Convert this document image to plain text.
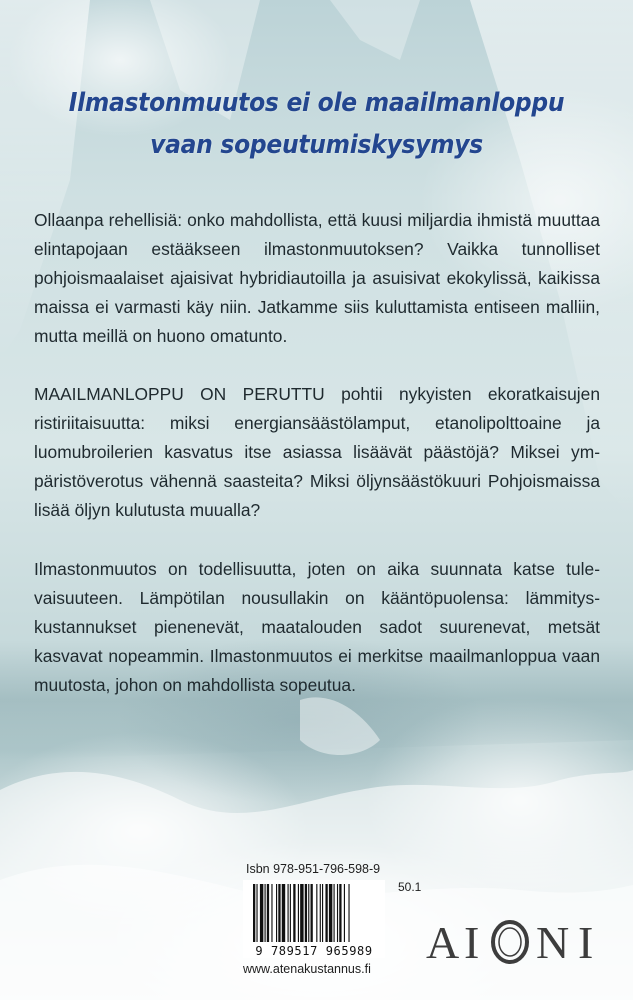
Ilmastonmuutos ei ole maailmanloppu
vaan sopeutumiskysymys

Ollaanpa rehellisiä: onko mahdollista, että kuusi miljardia ihmistä muuttaa elintapojaan estääkseen ilmastonmuutoksen? Vaikka tunnolliset pohjoismaalaiset ajaisivat hybridiautoilla ja asuisivat ekokylissä, kaikissa maissa ei varmasti käy niin. Jatkamme siis kuluttamista entiseen malliin, mutta meillä on huono omatunto.

MAAILMANLOPPU ON PERUTTU pohtii nykyisten ekoratkaisujen ristiriitaisuutta: miksi energiansäästölamput, etanolipolttoaine ja luomubroilerien kasvatus itse asiassa lisäävät päästöjä? Miksei ympäristöverotus vähennä saasteita? Miksi öljynsäästökuuri Pohjoismaissa lisää öljyn kulutusta muualla?

Ilmastonmuutos on todellisuutta, joten on aika suunnata katse tulevaisuuteen. Lämpötilan nousullakin on kääntöpuolensa: lämmityskustannukset pienenevät, maatalouden sadot suurenevat, metsät kasvavat nopeammin. Ilmastonmuutos ei merkitse maailmanloppua vaan muutosta, johon on mahdollista sopeutua.

Isbn 978-951-796-598-9
9 789517 965989
50.1
www.atenakustannus.fi
A I N I
